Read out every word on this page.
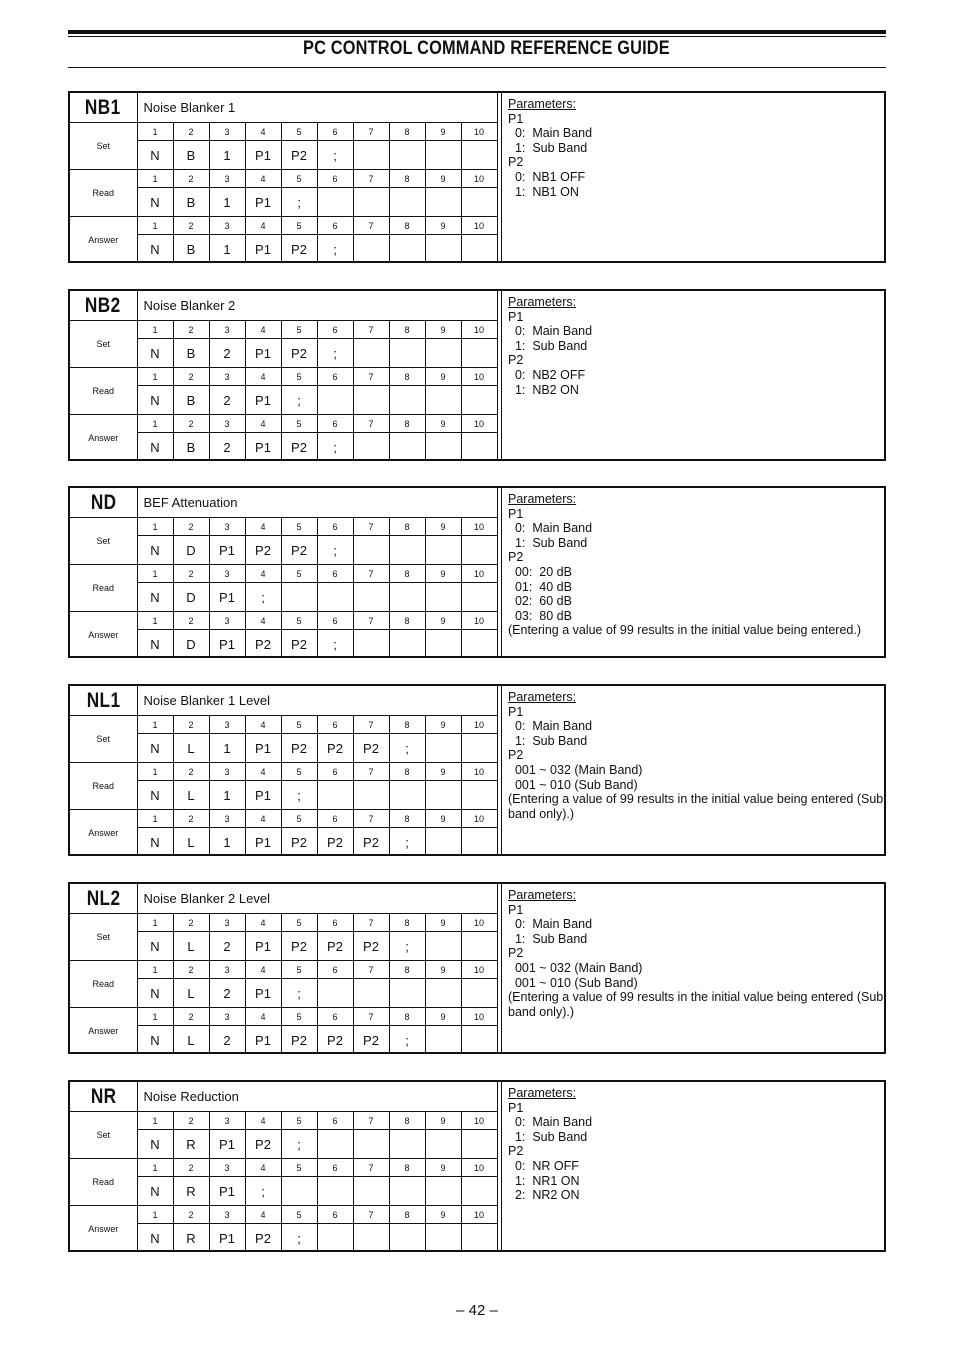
PC CONTROL COMMAND REFERENCE GUIDE
NB1	Noise Blanker 1									
Set	1	2	3	4	5	6	7	8	9	10
	N	B	1	P1	P2	;				
Read	1	2	3	4	5	6	7	8	9	10
	N	B	1	P1	;					
Answer	1	2	3	4	5	6	7	8	9	10
	N	B	1	P1	P2	;				
Parameters:
P1
0:  Main Band
1:  Sub Band
P2
0:  NB1 OFF
1:  NB1 ON
NB2	Noise Blanker 2									
Set	1	2	3	4	5	6	7	8	9	10
	N	B	2	P1	P2	;				
Read	1	2	3	4	5	6	7	8	9	10
	N	B	2	P1	;					
Answer	1	2	3	4	5	6	7	8	9	10
	N	B	2	P1	P2	;				
Parameters:
P1
0:  Main Band
1:  Sub Band
P2
0:  NB2 OFF
1:  NB2 ON
ND	BEF Attenuation									
Set	1	2	3	4	5	6	7	8	9	10
	N	D	P1	P2	P2	;				
Read	1	2	3	4	5	6	7	8	9	10
	N	D	P1	;						
Answer	1	2	3	4	5	6	7	8	9	10
	N	D	P1	P2	P2	;				
Parameters:
P1
0:  Main Band
1:  Sub Band
P2
00:  20 dB
01:  40 dB
02:  60 dB
03:  80 dB
(Entering a value of 99 results in the initial value being entered.)
NL1	Noise Blanker 1 Level									
Set	1	2	3	4	5	6	7	8	9	10
	N	L	1	P1	P2	P2	P2	;		
Read	1	2	3	4	5	6	7	8	9	10
	N	L	1	P1	;					
Answer	1	2	3	4	5	6	7	8	9	10
	N	L	1	P1	P2	P2	P2	;		
Parameters:
P1
0:  Main Band
1:  Sub Band
P2
001 ~ 032 (Main Band)
001 ~ 010 (Sub Band)
(Entering a value of 99 results in the initial value being entered (Sub band only).)
NL2	Noise Blanker 2 Level									
Set	1	2	3	4	5	6	7	8	9	10
	N	L	2	P1	P2	P2	P2	;		
Read	1	2	3	4	5	6	7	8	9	10
	N	L	2	P1	;					
Answer	1	2	3	4	5	6	7	8	9	10
	N	L	2	P1	P2	P2	P2	;		
Parameters:
P1
0:  Main Band
1:  Sub Band
P2
001 ~ 032 (Main Band)
001 ~ 010 (Sub Band)
(Entering a value of 99 results in the initial value being entered (Sub band only).)
NR	Noise Reduction									
Set	1	2	3	4	5	6	7	8	9	10
	N	R	P1	P2	;					
Read	1	2	3	4	5	6	7	8	9	10
	N	R	P1	;						
Answer	1	2	3	4	5	6	7	8	9	10
	N	R	P1	P2	;					
Parameters:
P1
0:  Main Band
1:  Sub Band
P2
0:  NR OFF
1:  NR1 ON
2:  NR2 ON
– 42 –
